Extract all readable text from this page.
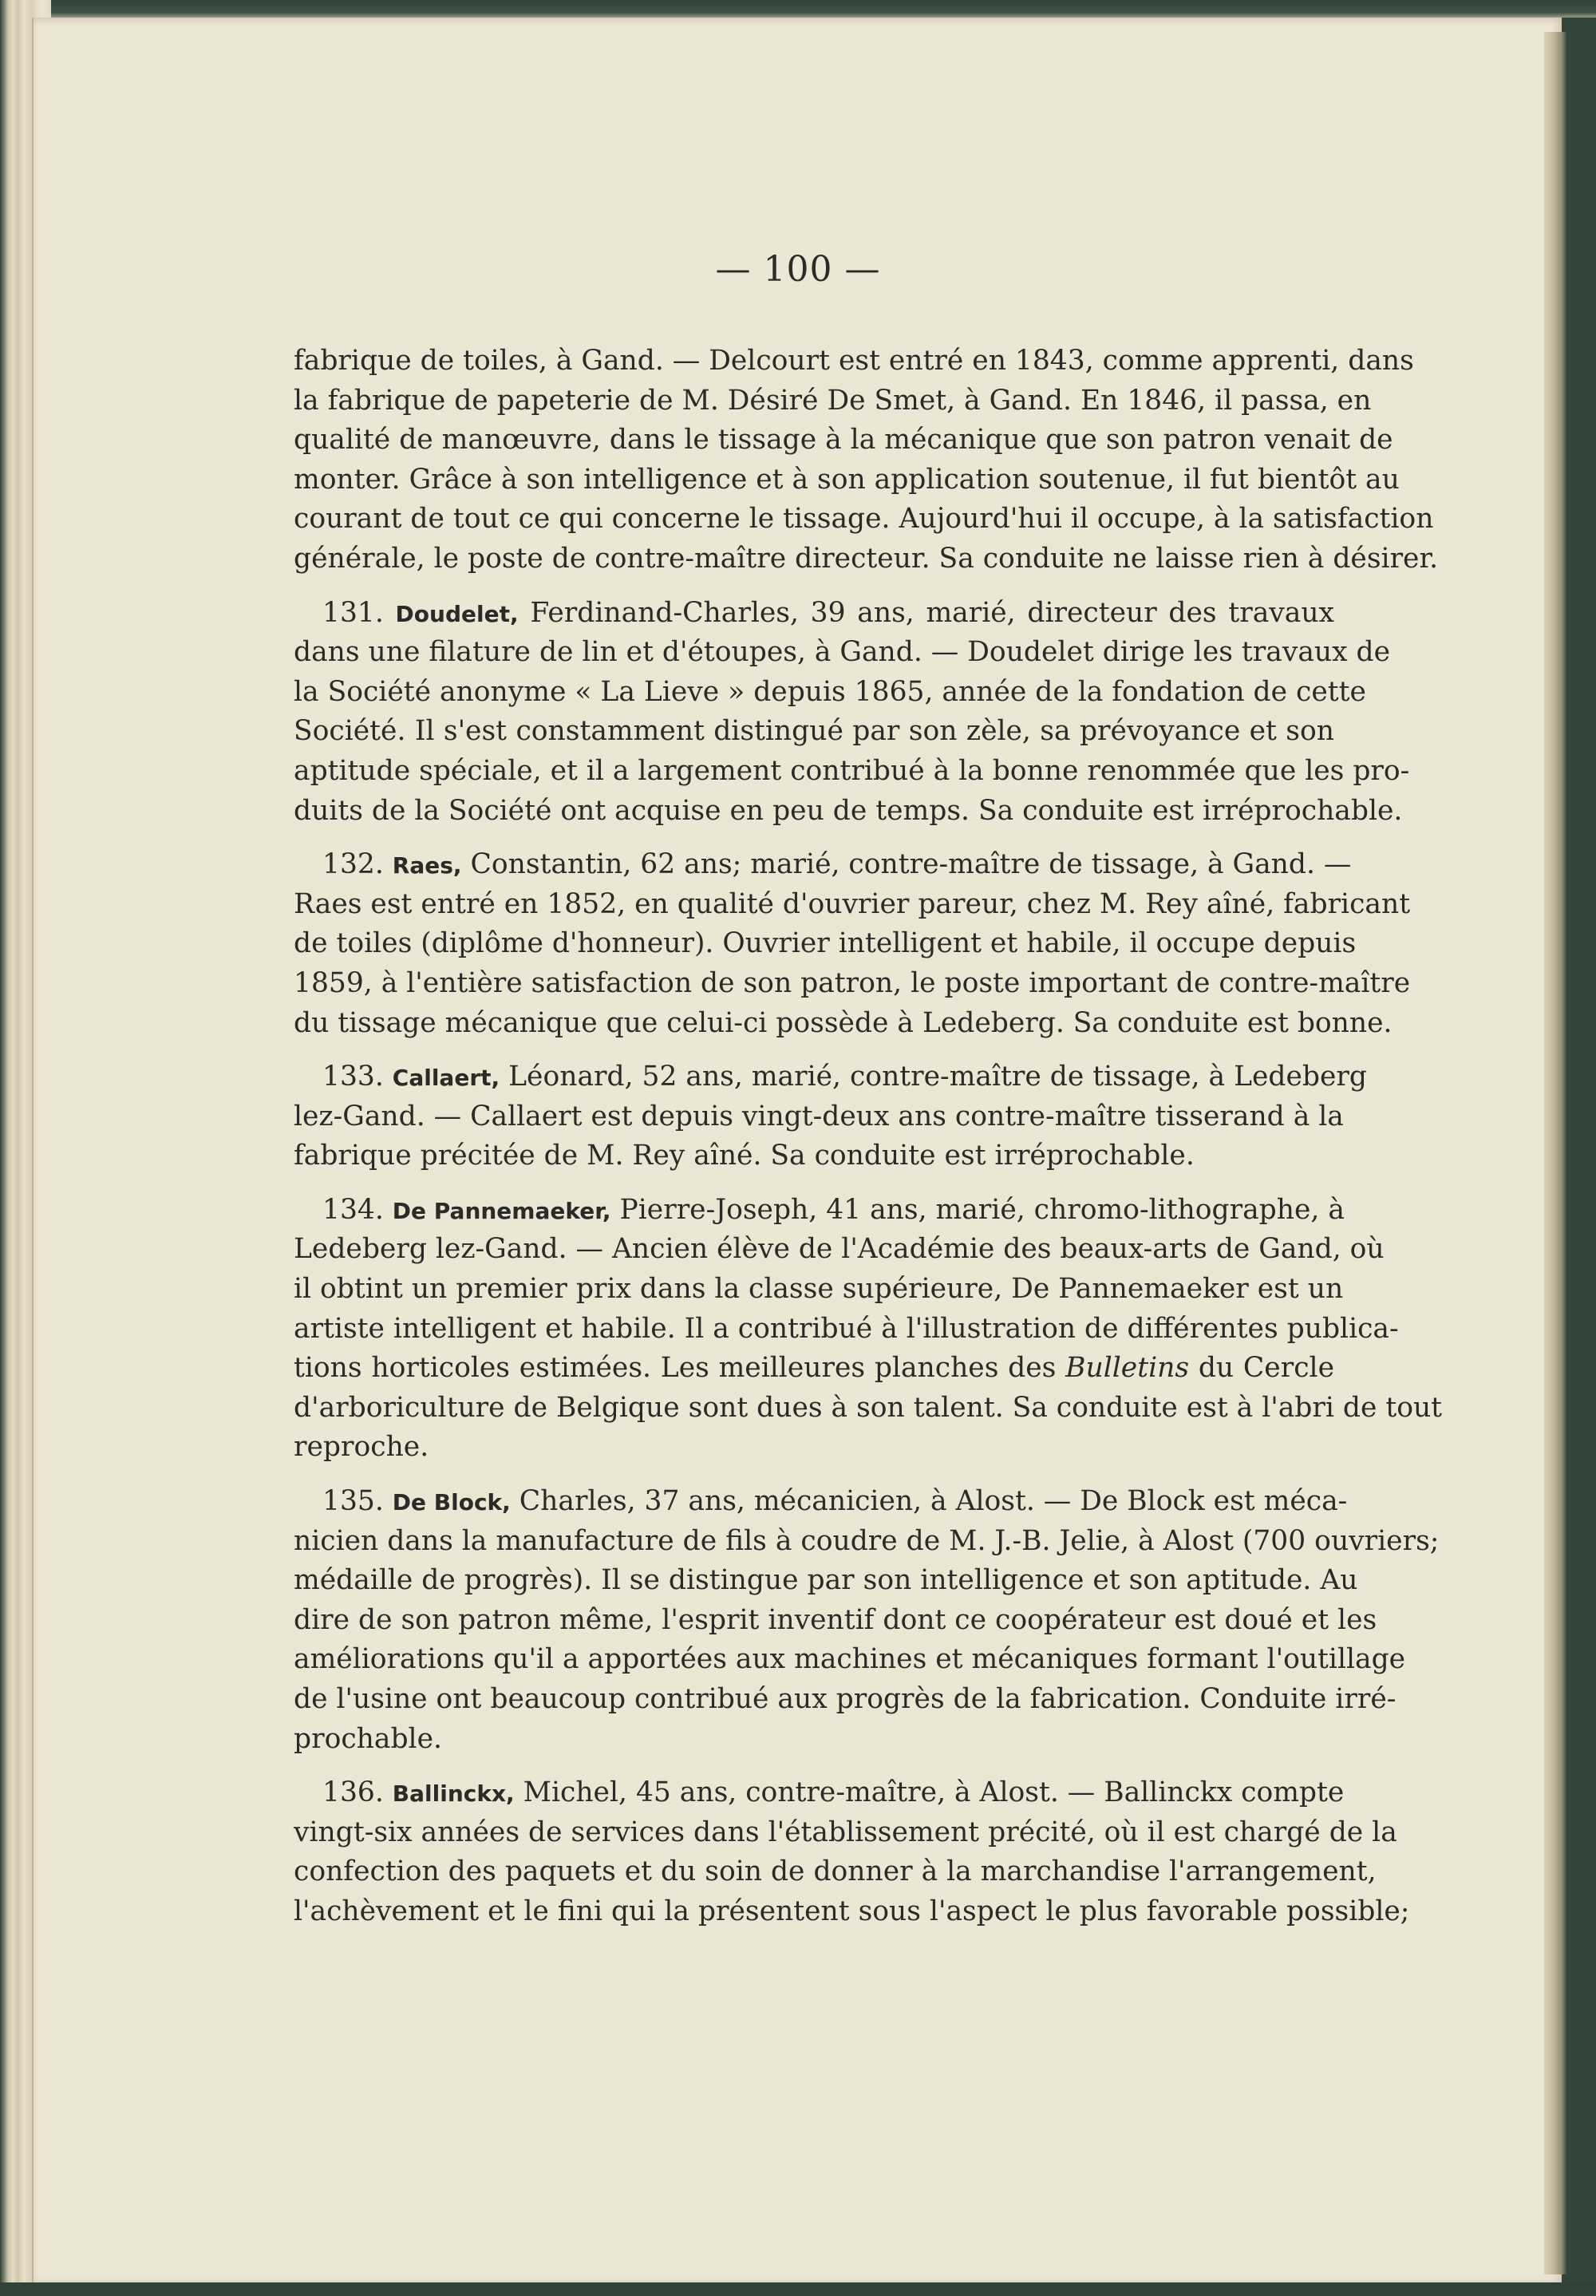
— 100 —
fabrique de toiles, à Gand. — Delcourt est entré en 1843, comme apprenti, dans
la fabrique de papeterie de M. Désiré De Smet, à Gand. En 1846, il passa, en
qualité de manœuvre, dans le tissage à la mécanique que son patron venait de
monter. Grâce à son intelligence et à son application soutenue, il fut bientôt au
courant de tout ce qui concerne le tissage. Aujourd'hui il occupe, à la satisfaction
générale, le poste de contre-maître directeur. Sa conduite ne laisse rien à désirer.
131. Doudelet, Ferdinand-Charles, 39 ans, marié, directeur des travaux
dans une filature de lin et d'étoupes, à Gand. — Doudelet dirige les travaux de
la Société anonyme « La Lieve » depuis 1865, année de la fondation de cette
Société. Il s'est constamment distingué par son zèle, sa prévoyance et son
aptitude spéciale, et il a largement contribué à la bonne renommée que les pro-
duits de la Société ont acquise en peu de temps. Sa conduite est irréprochable.
132. Raes, Constantin, 62 ans; marié, contre-maître de tissage, à Gand. —
Raes est entré en 1852, en qualité d'ouvrier pareur, chez M. Rey aîné, fabricant
de toiles (diplôme d'honneur). Ouvrier intelligent et habile, il occupe depuis
1859, à l'entière satisfaction de son patron, le poste important de contre-maître
du tissage mécanique que celui-ci possède à Ledeberg. Sa conduite est bonne.
133. Callaert, Léonard, 52 ans, marié, contre-maître de tissage, à Ledeberg
lez-Gand. — Callaert est depuis vingt-deux ans contre-maître tisserand à la
fabrique précitée de M. Rey aîné. Sa conduite est irréprochable.
134. De Pannemaeker, Pierre-Joseph, 41 ans, marié, chromo-lithographe, à
Ledeberg lez-Gand. — Ancien élève de l'Académie des beaux-arts de Gand, où
il obtint un premier prix dans la classe supérieure, De Pannemaeker est un
artiste intelligent et habile. Il a contribué à l'illustration de différentes publica-
tions horticoles estimées. Les meilleures planches des Bulletins du Cercle
d'arboriculture de Belgique sont dues à son talent. Sa conduite est à l'abri de tout
reproche.
135. De Block, Charles, 37 ans, mécanicien, à Alost. — De Block est méca-
nicien dans la manufacture de fils à coudre de M. J.-B. Jelie, à Alost (700 ouvriers;
médaille de progrès). Il se distingue par son intelligence et son aptitude. Au
dire de son patron même, l'esprit inventif dont ce coopérateur est doué et les
améliorations qu'il a apportées aux machines et mécaniques formant l'outillage
de l'usine ont beaucoup contribué aux progrès de la fabrication. Conduite irré-
prochable.
136. Ballinckx, Michel, 45 ans, contre-maître, à Alost. — Ballinckx compte
vingt-six années de services dans l'établissement précité, où il est chargé de la
confection des paquets et du soin de donner à la marchandise l'arrangement,
l'achèvement et le fini qui la présentent sous l'aspect le plus favorable possible;
